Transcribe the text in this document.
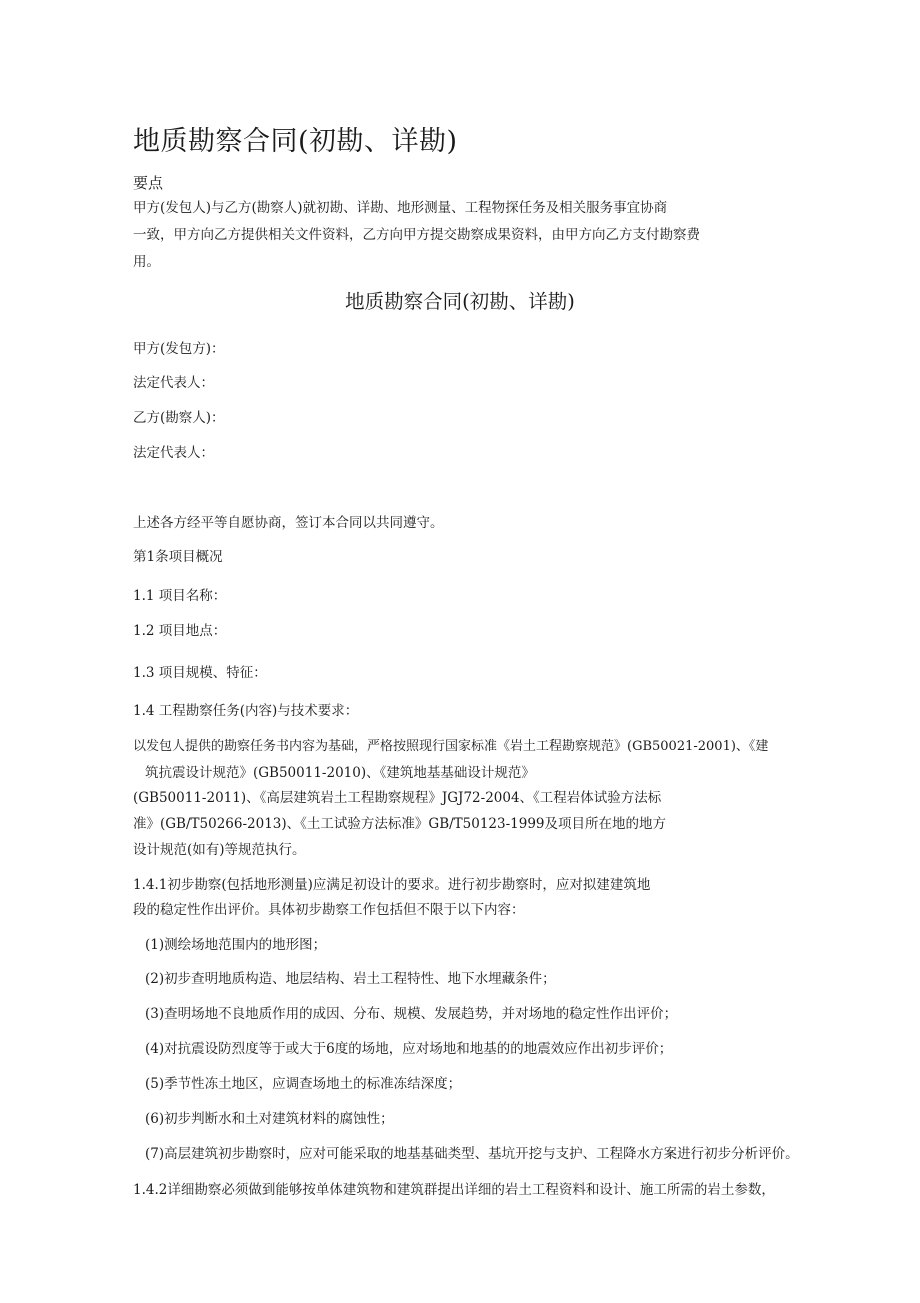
地质勘察合同(初勘、详勘)
要点
甲方(发包人)与乙方(勘察人)就初勘、详勘、地形测量、工程物探任务及相关服务事宜协商
一致，甲方向乙方提供相关文件资料，乙方向甲方提交勘察成果资料，由甲方向乙方支付勘察费
用。
地质勘察合同(初勘、详勘)
甲方(发包方)：
法定代表人：
乙方(勘察人)：
法定代表人：
上述各方经平等自愿协商，签订本合同以共同遵守。
第1条项目概况
1.1 项目名称：
1.2 项目地点：
1.3 项目规模、特征：
1.4 工程勘察任务(内容)与技术要求：
以发包人提供的勘察任务书内容为基础，严格按照现行国家标准《岩土工程勘察规范》(GB50021-2001)、《建
筑抗震设计规范》(GB50011-2010)、《建筑地基基础设计规范》
(GB50011-2011)、《高层建筑岩土工程勘察规程》JGJ72-2004、《工程岩体试验方法标
准》(GB/T50266-2013)、《土工试验方法标准》GB/T50123-1999及项目所在地的地方
设计规范(如有)等规范执行。
1.4.1初步勘察(包括地形测量)应满足初设计的要求。进行初步勘察时，应对拟建建筑地
段的稳定性作出评价。具体初步勘察工作包括但不限于以下内容：
(1)测绘场地范围内的地形图；
(2)初步查明地质构造、地层结构、岩土工程特性、地下水埋藏条件；
(3)查明场地不良地质作用的成因、分布、规模、发展趋势，并对场地的稳定性作出评价；
(4)对抗震设防烈度等于或大于6度的场地，应对场地和地基的的地震效应作出初步评价；
(5)季节性冻土地区，应调查场地土的标准冻结深度；
(6)初步判断水和土对建筑材料的腐蚀性；
(7)高层建筑初步勘察时，应对可能采取的地基基础类型、基坑开挖与支护、工程降水方案进行初步分析评价。
1.4.2详细勘察必须做到能够按单体建筑物和建筑群提出详细的岩土工程资料和设计、施工所需的岩土参数，
